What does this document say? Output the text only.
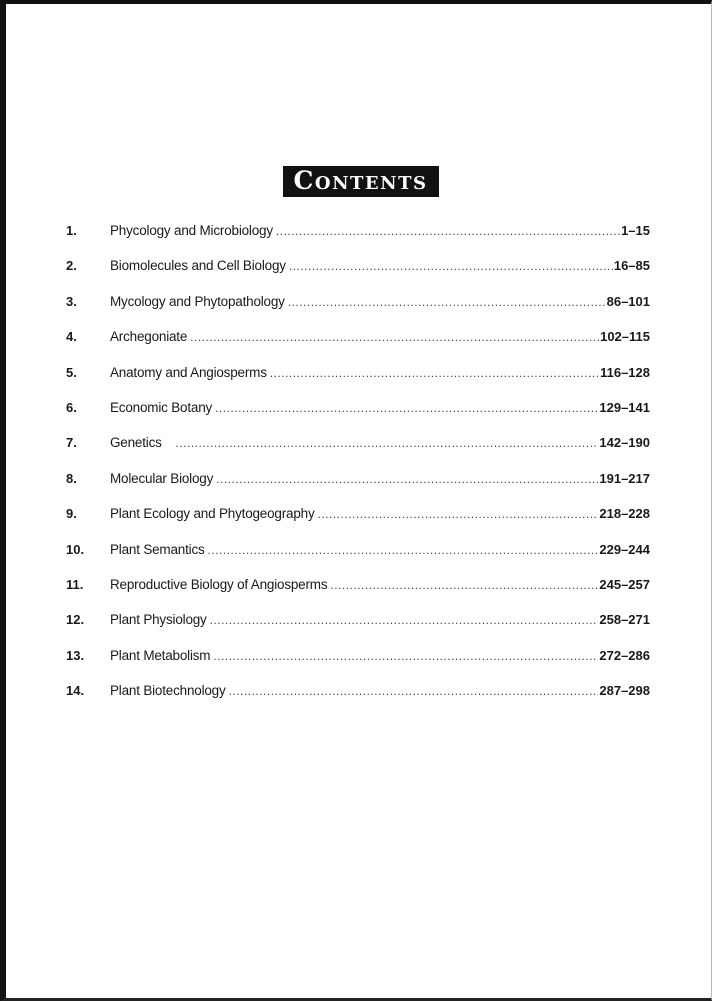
Contents
1.	Phycology and Microbiology .....	1–15
2.	Biomolecules and Cell Biology .....	16–85
3.	Mycology and Phytopathology .....	86–101
4.	Archegoniate .....	102–115
5.	Anatomy and Angiosperms .....	116–128
6.	Economic Botany .....	129–141
7.	Genetics .....	142–190
8.	Molecular Biology .....	191–217
9.	Plant Ecology and Phytogeography .....	218–228
10.	Plant Semantics .....	229–244
11.	Reproductive Biology of Angiosperms .....	245–257
12.	Plant Physiology .....	258–271
13.	Plant Metabolism .....	272–286
14.	Plant Biotechnology .....	287–298
